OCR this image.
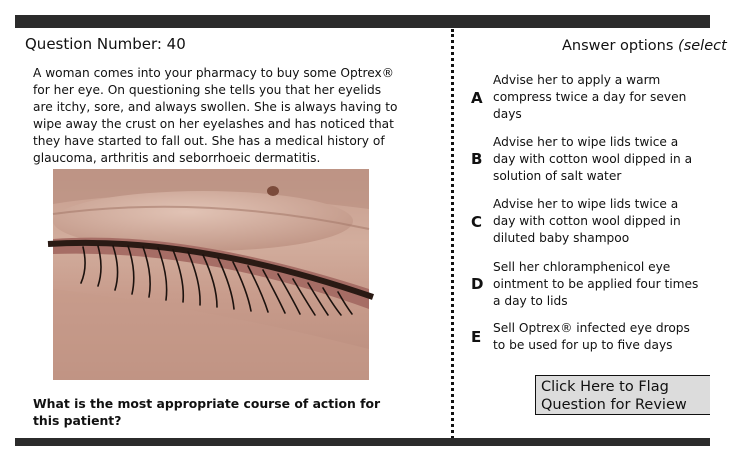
Question Number: 40
A woman comes into your pharmacy to buy some Optrex® for her eye. On questioning she tells you that her eyelids are itchy, sore, and always swollen. She is always having to wipe away the crust on her eyelashes and has noticed that they have started to fall out. She has a medical history of glaucoma, arthritis and seborrhoeic dermatitis.
What is the most appropriate course of action for this patient?
Answer options (select
A
Advise her to apply a warm compress twice a day for seven days
B
Advise her to wipe lids twice a day with cotton wool dipped in a solution of salt water
C
Advise her to wipe lids twice a day with cotton wool dipped in diluted baby shampoo
D
Sell her chloramphenicol eye ointment to be applied four times a day to lids
E Sell Optrex® infected eye drops to be used for up to five days
Click Here to Flag
Question for Review
